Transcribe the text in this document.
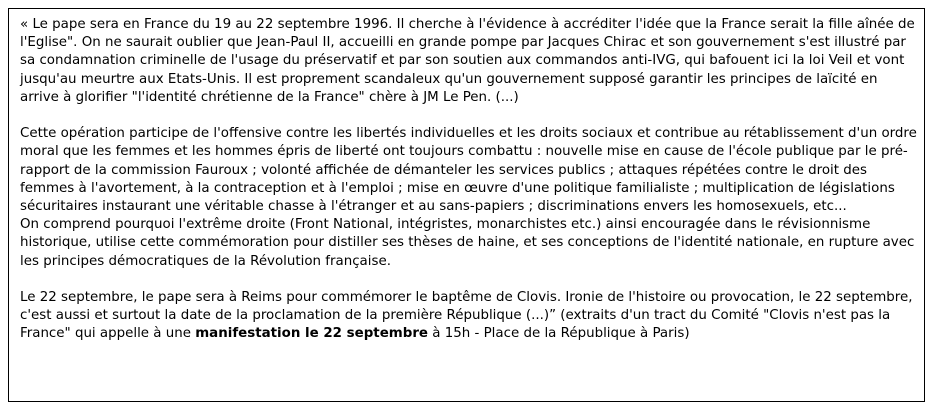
« Le pape sera en France du 19 au 22 septembre 1996. Il cherche à l'évidence à accréditer l'idée que la France serait la fille aînée de l'Eglise". On ne saurait oublier que Jean-Paul II, accueilli en grande pompe par Jacques Chirac et son gouvernement s'est illustré par sa condamnation criminelle de l'usage du préservatif et par son soutien aux commandos anti-IVG, qui bafouent ici la loi Veil et vont jusqu'au meurtre aux Etats-Unis. Il est proprement scandaleux qu'un gouvernement supposé garantir les principes de laïcité en arrive à glorifier "l'identité chrétienne de la France" chère à JM Le Pen. (...)

Cette opération participe de l'offensive contre les libertés individuelles et les droits sociaux et contribue au rétablissement d'un ordre moral que les femmes et les hommes épris de liberté ont toujours combattu : nouvelle mise en cause de l'école publique par le pré-rapport de la commission Fauroux ; volonté affichée de démanteler les services publics ; attaques répétées contre le droit des femmes à l'avortement, à la contraception et à l'emploi ; mise en œuvre d'une politique familialiste ; multiplication de législations sécuritaires instaurant une véritable chasse à l'étranger et au sans-papiers ; discriminations envers les homosexuels, etc...

On comprend pourquoi l'extrême droite (Front National, intégristes, monarchistes etc.) ainsi encouragée dans le révisionnisme historique, utilise cette commémoration pour distiller ses thèses de haine, et ses conceptions de l'identité nationale, en rupture avec les principes démocratiques de la Révolution française.

Le 22 septembre, le pape sera à Reims pour commémorer le baptême de Clovis. Ironie de l'histoire ou provocation, le 22 septembre, c'est aussi et surtout la date de la proclamation de la première République (...)” (extraits d'un tract du Comité "Clovis n'est pas la France" qui appelle à une manifestation le 22 septembre à 15h - Place de la République à Paris)
